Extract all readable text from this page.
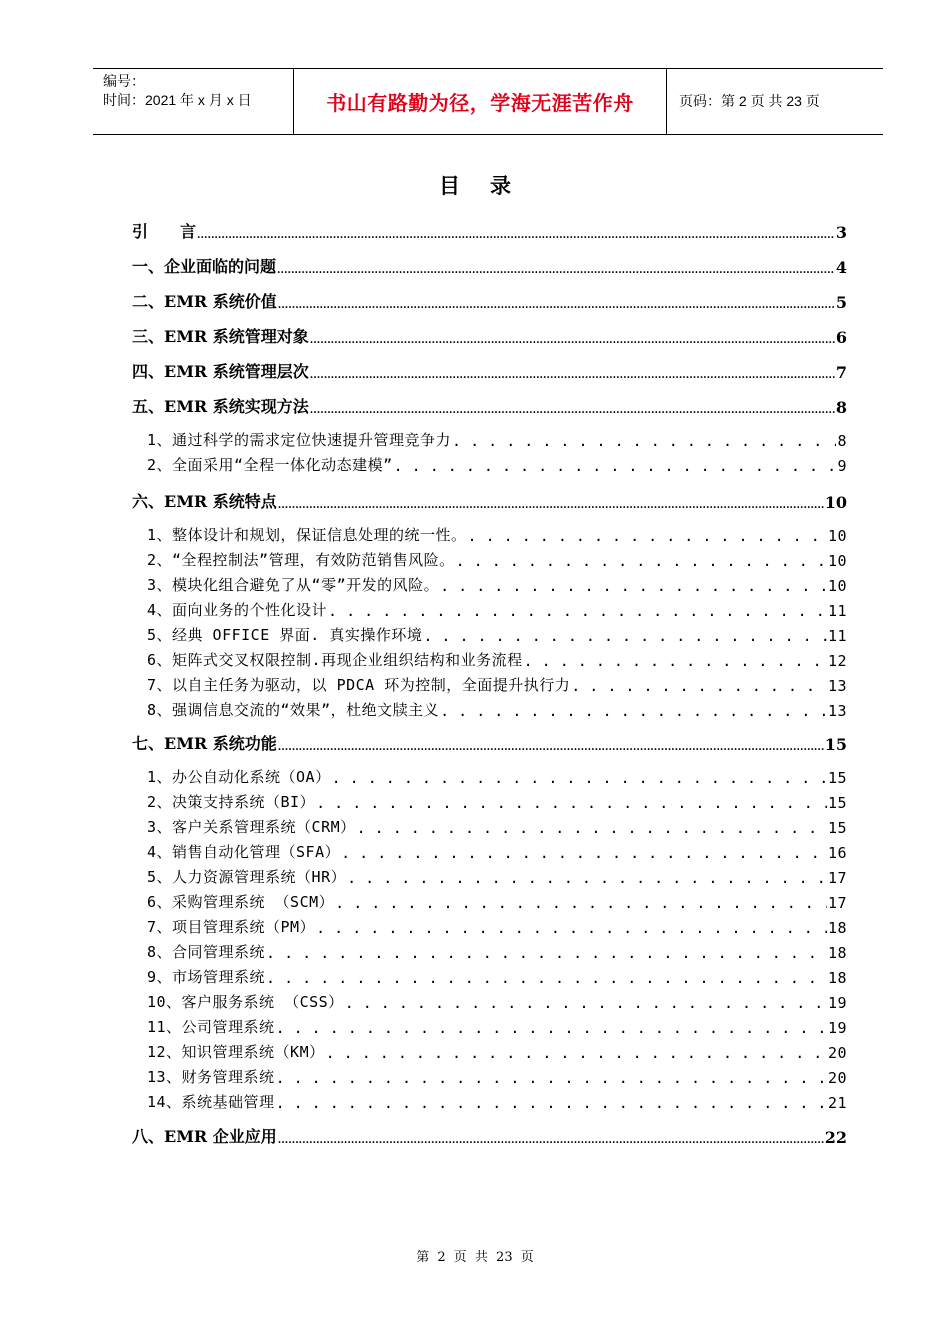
编号：
时间：2021 年 x 月 x 日	书山有路勤为径，学海无涯苦作舟	页码：第 2 页 共 23 页
目录
引　　言 .....	3
一、企业面临的问题 .....	4
二、EMR 系统价值 .....	5
三、EMR 系统管理对象 .....	6
四、EMR 系统管理层次 .....	7
五、EMR 系统实现方法 .....	8
1、通过科学的需求定位快速提升管理竞争力 . . .	8
2、全面采用“全程一体化动态建模” . . .	9
六、EMR 系统特点 .....	10
1、整体设计和规划，保证信息处理的统一性。 . . .	10
2、“全程控制法”管理，有效防范销售风险。 . . .	10
3、模块化组合避免了从“零”开发的风险。 . . .	10
4、面向业务的个性化设计 . . .	11
5、经典 OFFICE 界面. 真实操作环境 . . .	11
6、矩阵式交叉权限控制.再现企业组织结构和业务流程 . . .	12
7、以自主任务为驱动，以 PDCA 环为控制，全面提升执行力 . . .	13
8、强调信息交流的“效果”，杜绝文牍主义 . . .	13
七、EMR 系统功能 .....	15
1、办公自动化系统（OA） . . .	15
2、决策支持系统（BI） . . .	15
3、客户关系管理系统（CRM） . . .	15
4、销售自动化管理（SFA） . . .	16
5、人力资源管理系统（HR） . . .	17
6、采购管理系统 （SCM） . . .	17
7、项目管理系统（PM） . . .	18
8、合同管理系统 . . .	18
9、市场管理系统 . . .	18
10、客户服务系统 （CSS） . . .	19
11、公司管理系统 . . .	19
12、知识管理系统（KM） . . .	20
13、财务管理系统 . . .	20
14、系统基础管理 . . .	21
八、EMR 企业应用 .....	22
第 2 页 共 23 页
